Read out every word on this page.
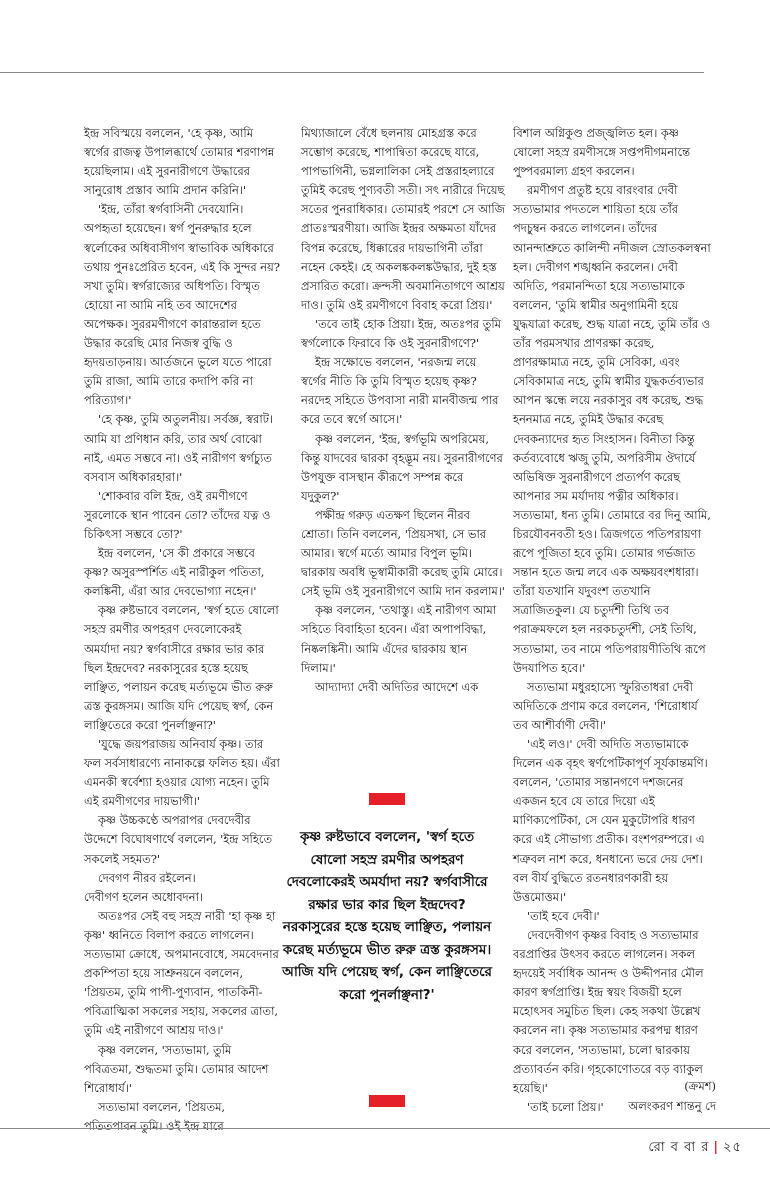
ইন্দ্র সবিস্ময়ে বললেন, 'হে কৃষ্ণ, আমি স্বর্গের রাজত্ব উপালব্ধার্থে তোমার শরণাপন্ন হয়েছিলাম। এই সুরনারীগণে উদ্ধারের সানুরোধ প্রস্তাব আমি প্রদান করিনি।'

'ইন্দ্র, তাঁরা স্বর্গবাসিনী দেবযোনি। অপহৃতা হয়েছেন। স্বর্গ পুনরুদ্ধার হলে স্বর্লোকের অধিবাসীগণ স্বাভাবিক অধিকারে তথায় পুনঃপ্রেরিত হবেন, এই কি সুন্দর নয়? সখা তুমি। স্বর্গরাজ্যের অধিপতি। বিস্মৃত হোয়ো না আমি নহি তব আদেশের অপেক্ষক। সুররমণীগণে কারান্তরাল হতে উদ্ধার করেছি মোর নিজস্ব বুদ্ধি ও হৃদয়তাড়নায়। আর্তজনে ভুলে যতে পারো তুমি রাজা, আমি তারে কদাপি করি না পরিত্যাগ।'

'হে কৃষ্ণ, তুমি অতুলনীয়। সর্বজ্ঞ, স্বরাট। আমি যা প্রণিধান করি, তার অর্থ বোঝো নাই, এমত সম্ভবে না। ওই নারীগণ স্বর্গচ্যুত বসবাস অধিকারহারা।'

'শোকবার বলি ইন্দ্র, ওই রমণীগণে সুরলোকে স্থান পাবেন তো? তাঁদের যত্ন ও চিকিৎসা সম্ভবে তো?'

ইন্দ্র বললেন, 'সে কী প্রকারে সম্ভবে কৃষ্ণ? অসুরস্পর্শিত এই নারীকুল পতিতা, কলঙ্কিনী, এঁরা আর দেবভোগ্যা নহেন।'

কৃষ্ণ রুষ্টভাবে বললেন, 'স্বর্গ হতে ষোলো সহস্র রমণীর অপহরণ দেবলোকেরই অমর্যাদা নয়? স্বর্গবাসীরে রক্ষার ভার কার ছিল ইন্দ্রদেব? নরকাসুরের হস্তে হয়েছ লাঞ্ছিত, পলায়ন করেছ মর্ত্যভূমে ভীত রুরু ত্রস্ত কুরঙ্গসম। আজি যদি পেয়েছ স্বর্গ, কেন লাঞ্ছিতেরে করো পুনর্লাঞ্ছনা?'

'যুদ্ধে জয়পরাজয় অনিবার্য কৃষ্ণ। তার ফল সর্বসাধারণ্যে নানাকল্পে ফলিত হয়। এঁরা এমনকী স্বর্বেশ্যা হওয়ার যোগ্য নহেন। তুমি এই রমণীগণের দায়ভাগী।'

কৃষ্ণ উচ্চকণ্ঠে অপরাপর দেবদেবীর উদ্দেশে বিঘোষণার্থে বললেন, 'ইন্দ্র সহিতে সকলেই সহমত?'

দেবগণ নীরব রইলেন।

দেবীগণ হলেন অধোবদনা।

অতঃপর সেই বহু সহস্র নারী 'হা কৃষ্ণ হা কৃষ্ণ' ধ্বনিতে বিলাপ করতে লাগলেন। সত্যভামা ক্রোধে, অপমানবোধে, সমবেদনার প্রকম্পিতা হয়ে সাশ্রুনয়নে বললেন, 'প্রিয়তম, তুমি পাপী-পুণ্যবান, পাতকিনী-পবিত্রাত্মিকা সকলের সহায়, সকলের ত্রাতা, তুমি এই নারীগণে আশ্রয় দাও।'

কৃষ্ণ বললেন, 'সত্যভামা, তুমি পবিত্রতমা, শুদ্ধতমা তুমি। তোমার আদেশ শিরোধার্য।'

সত্যভামা বললেন, 'প্রিয়তম, পতিতপাবন তুমি। ওই ইন্দ্র যারে

মিথ্যাজালে বেঁধে ছলনায় মোহগ্রস্ত করে সম্ভোগ করেছে, শাপান্বিতা করেছে যারে, পাপভাগিনী, ভগ্নলালিকা সেই প্রস্তরাহল্যারে তুমিই করেছ পুণ্যবতী সতী। সৎ নারীরে দিয়েছ সতের পুনরাধিকার। তোমারই পরশে সে আজি প্রাতঃস্মরণীয়া। আজি ইন্দ্রর অক্ষমতা যাঁদের বিপন্ন করেছে, ধিক্কারের দায়ভাগিনী তাঁরা নহেন কেহই। হে অকলঙ্ককলঙ্কউদ্ধার, দুই হস্ত প্রসারিত করো। ক্রন্দসী অবমানিতাগণে আশ্রয় দাও। তুমি ওই রমণীগণে বিবাহ করো প্রিয়।'

'তবে তাই হোক প্রিয়া। ইন্দ্র, অতঃপর তুমি স্বর্গলোকে ফিরাবে কি ওই সুরনারীগণে?'

ইন্দ্র সক্ষোভে বললেন, 'নরজন্ম লয়ে স্বর্গের নীতি কি তুমি বিস্মৃত হয়েছ কৃষ্ণ? নরদেহ সহিতে উপবাসা নারী মানবীজন্ম পার করে তবে স্বর্গে আসে।'

কৃষ্ণ বললেন, 'ইন্দ্র, স্বর্গভূমি অপরিমেয়, কিন্তু যাদবের দ্বারকা বৃহদ্ভূম নয়। সুরনারীগণের উপযুক্ত বাসস্থান কীরূপে সম্পন্ন করে যদুকুল?'

পক্ষীন্দ্র গরুড় এতক্ষণ ছিলেন নীরব শ্রোতা। তিনি বললেন, 'প্রিয়সখা, সে ভার আমার। স্বর্গে মর্ত্যে আমার বিপুল ভূমি। দ্বারকায় অবধি ভূস্বামীকারী করেছ তুমি মোরে। সেই ভূমি ওই সুরনারীগণে আমি দান করলাম।'

কৃষ্ণ বললেন, 'তথাস্তু। এই নারীগণ আমা সহিতে বিবাহিতা হবেন। এঁরা অপাপবিদ্ধা, নিষ্কলঙ্কিনী। আমি এঁদের দ্বারকায় স্থান দিলাম।'

আদ্যাদ্যা দেবী অদিতির আদেশে এক

কৃষ্ণ রুষ্টভাবে বললেন, 'স্বর্গ হতে ষোলো সহস্র রমণীর অপহরণ দেবলোকেরই অমর্যাদা নয়? স্বর্গবাসীরে রক্ষার ভার কার ছিল ইন্দ্রদেব? নরকাসুরের হস্তে হয়েছ লাঞ্ছিত, পলায়ন করেছ মর্ত্যভূমে ভীত রুরু ত্রস্ত কুরঙ্গসম। আজি যদি পেয়েছ স্বর্গ, কেন লাঞ্ছিতেরে করো পুনর্লাঞ্ছনা?'

বিশাল অগ্নিকুণ্ড প্রজ্জ্বলিত হল। কৃষ্ণ ষোলো সহস্র রমণীসঙ্গে সপ্তপদীগমনান্তে পুষ্পবরমাল্য গ্রহণ করলেন।

রমণীগণ প্রতুষ্ট হয়ে বারংবার দেবী সত্যভামার পদতলে শায়িতা হয়ে তাঁর পদচুম্বন করতে লাগলেন। তাঁদের আনন্দাশ্রুতে কালিন্দী নদীজল স্রোতকলস্বনা হল। দেবীগণ শঙ্খধ্বনি করলেন। দেবী অদিতি, পরমানন্দিতা হয়ে সত্যভামাকে বললেন, 'তুমি স্বামীর অনুগামিনী হয়ে যুদ্ধযাত্রা করেছ, শুদ্ধ যাত্রা নহে, তুমি তাঁর ও তাঁর পরমসখার প্রাণরক্ষা করেছ, প্রাণরক্ষামাত্র নহে, তুমি সেবিকা, এবং সেবিকামাত্র নহে, তুমি স্বামীর যুদ্ধকর্তব্যভার আপন স্কন্ধে লয়ে নরকাসুর বধ করেছ, শুদ্ধ হননমাত্র নহে, তুমিই উদ্ধার করেছ দেবকন্যাদের হৃত সিংহাসন। বিনীতা কিন্তু কর্তব্যবোধে ঋজু তুমি, অপরিসীম ঔদার্যে অভিষিক্ত সুরনারীগণে প্রত্যর্পণ করেছ আপনার সম মর্যাদায় পত্নীর অধিকার। সত্যভামা, ধন্য তুমি। তোমারে বর দিনু আমি, চিরযৌবনবতী হও। ত্রিজগতে পতিপরায়ণা রূপে পূজিতা হবে তুমি। তোমার গর্ভজাত সন্তান হতে জন্ম লবে এক অক্ষয়বংশধারা। তাঁরা যতখানি যদুবংশ ততখানি সত্রাজিতকুল। যে চতুর্দশী তিথি তব পরাক্রমফলে হল নরকচতুর্দশী, সেই তিথি, সত্যভামা, তব নামে পতিপরায়ণীতিথি রূপে উদযাপিত হবে।'

সত্যভামা মধুরহাস্যে স্ফুরিতাধরা দেবী অদিতিকে প্রণাম করে বললেন, 'শিরোধার্য তব আশীর্বাণী দেবী।'

'এই লও।' দেবী অদিতি সত্যভামাকে দিলেন এক বৃহৎ স্বর্ণপেটিকাপূর্ণ সূর্যকান্তমণি। বললেন, 'তোমার সন্তানগণে দশজনের একজন হবে যে তারে দিয়ো এই মাণিক্যপেটিকা, সে যেন মুকুটোপরি ধারণ করে এই সৌভাগ্য প্রতীক। বংশপরম্পরে। এ শত্রুবল নাশ করে, ধনধান্যে ভরে দেয় দেশ। বল বীর্য বুদ্ধিতে রতনধারণকারী হয় উত্তমোত্তম।'

'তাই হবে দেবী।'

দেবদেবীগণ কৃষ্ণর বিবাহ ও সত্যভামার বরপ্রাপ্তির উৎসব করতে লাগলেন। সকল হৃদয়েই সর্বাধিক আনন্দ ও উদ্দীপনার মৌল কারণ স্বর্গপ্রাপ্তি। ইন্দ্র স্বয়ং বিজয়ী হলে মহোৎসব সমুচিত ছিল। কেহ সকথা উল্লেখ করলেন না। কৃষ্ণ সত্যভামার করপদ্ম ধারণ করে বললেন, 'সত্যভামা, চলো দ্বারকায় প্রত্যাবর্তন করি। গৃহকোণোতরে বড় ব্যাকুল হয়েছি।'

'তাই চলো প্রিয়।'

(ক্রমশ)
অলংকরণ শান্তনু দে
রো ব বা র | ২৫
